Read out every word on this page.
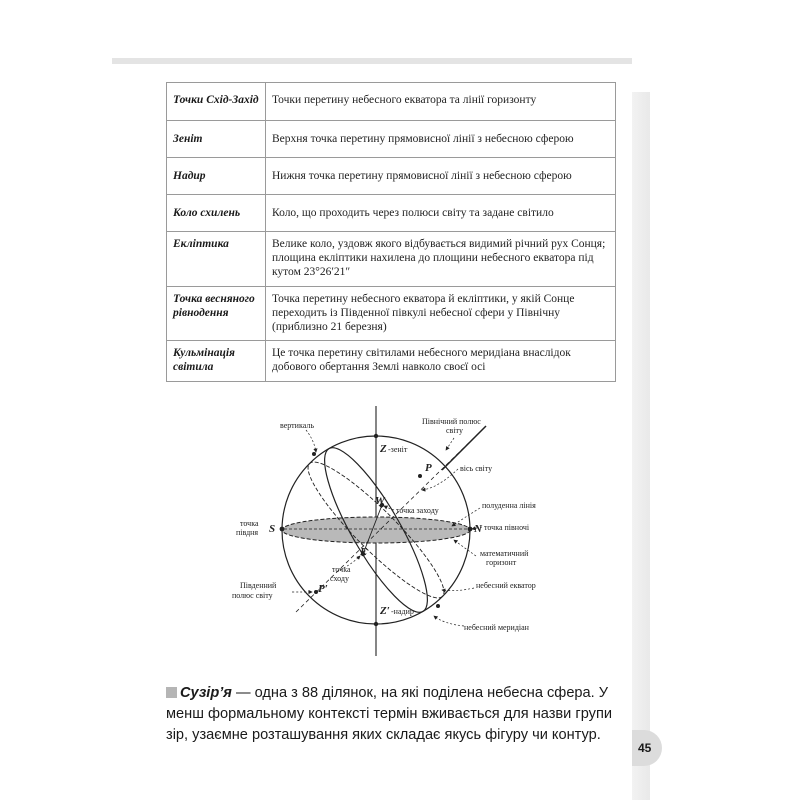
Точки Схід-Захід	Точки перетину небесного екватора та лінії горизонту
Зеніт	Верхня точка перетину прямовисної лінії з небесною сферою
Надир	Нижня точка перетину прямовисної лінії з небесною сферою
Коло схилень	Коло, що проходить через полюси світу та задане світило
Екліптика	Велике коло, уздовж якого відбувається видимий річний рух Сонця; площина екліптики нахилена до площини небесного екватора під кутом 23°26′21″
Точка весняного рівнодення	Точка перетину небесного екватора й екліптики, у якій Сонце переходить із Південної півкулі небесної сфери у Північну (приблизно 21 березня)
Кульмінація світила	Це точка перетину світилами небесного меридіана внаслідок добового обертання Землі навколо своєї осі
Z -зеніт
Z′ -надир
P
P′
S	N
W
E
вертикаль	Північний полюс
світу
вісь світу
полуденна лінія
точка заходу
точка півночі
точка
півдня
математичний
горизонт
точка
сходу
небесний екватор
Південний
полюс світу
небесний меридіан
Сузір’я — одна з 88 ділянок, на які поділена небесна сфера. У менш формальному контексті термін вживається для назви групи зір, узаємне розташування яких складає якусь фігуру чи контур.
45
